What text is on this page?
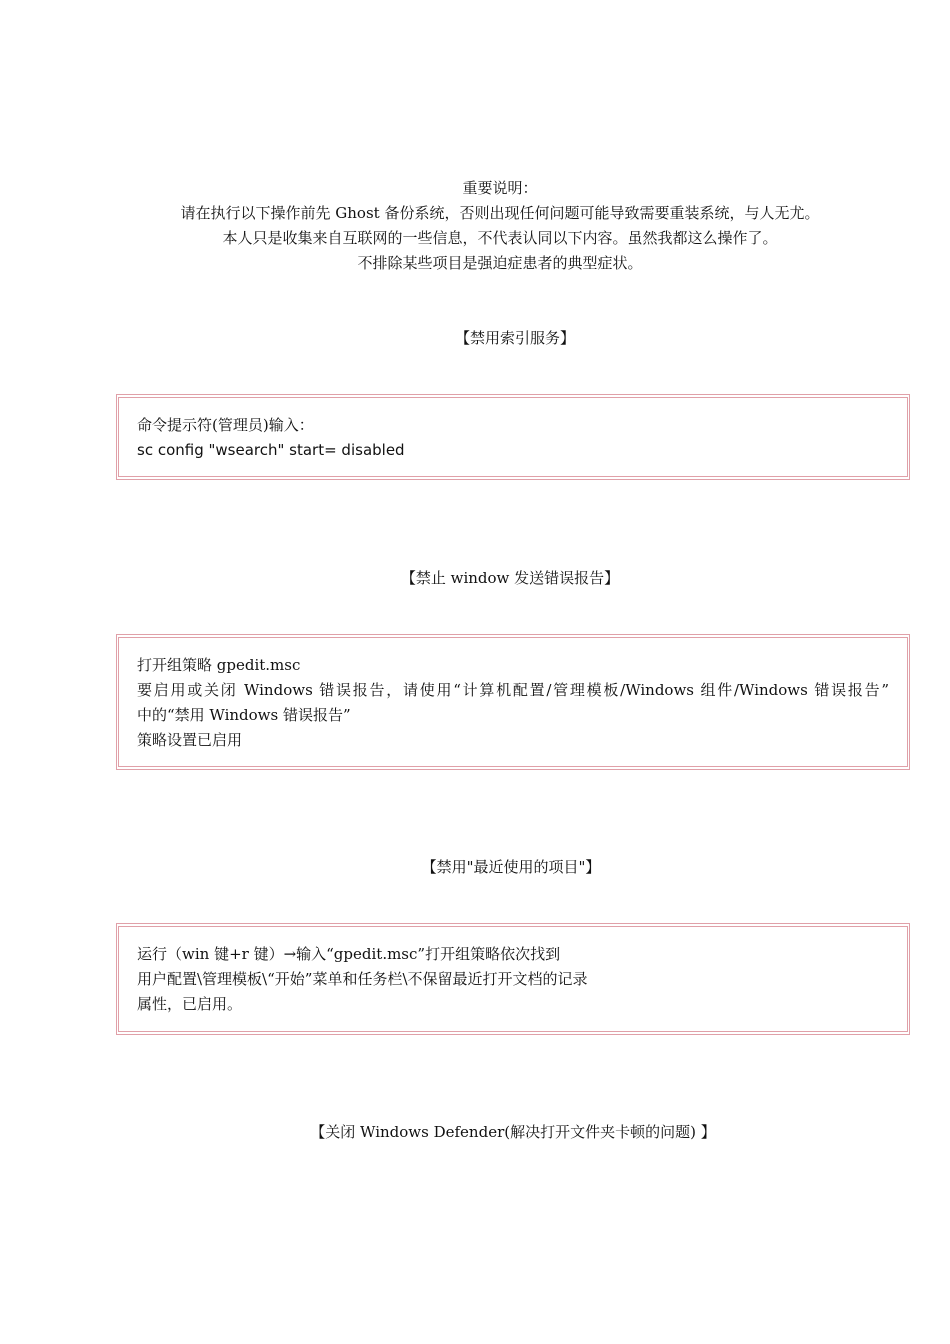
重要说明：
请在执行以下操作前先 Ghost 备份系统，否则出现任何问题可能导致需要重装系统，与人无尤。
本人只是收集来自互联网的一些信息，不代表认同以下内容。虽然我都这么操作了。
不排除某些项目是强迫症患者的典型症状。
【禁用索引服务】
命令提示符(管理员)输入：
sc config "wsearch" start= disabled
【禁止 window 发送错误报告】
打开组策略 gpedit.msc
要启用或关闭 Windows 错误报告，请使用“计算机配置/管理模板/Windows 组件/Windows 错误报告”
中的“禁用 Windows 错误报告”
策略设置已启用
【禁用"最近使用的项目"】
运行（win 键+r 键）→输入“gpedit.msc”打开组策略依次找到
用户配置\管理模板\“开始”菜单和任务栏\不保留最近打开文档的记录
属性，已启用。
【关闭 Windows Defender(解决打开文件夹卡顿的问题) 】
